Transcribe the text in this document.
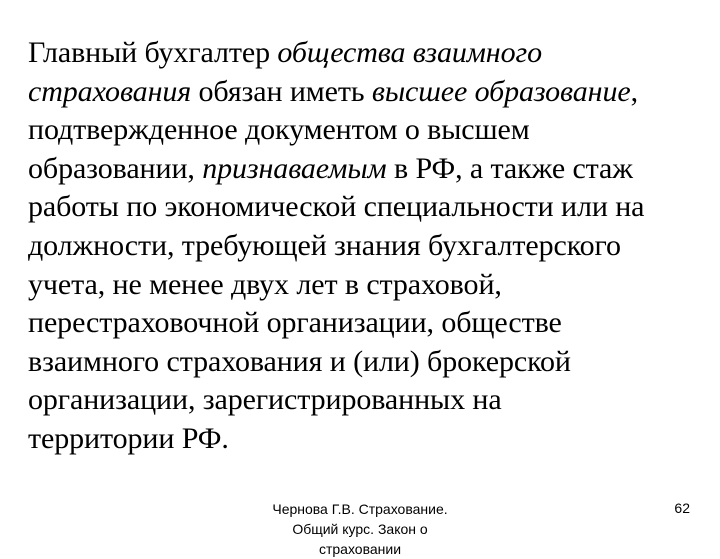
Главный бухгалтер общества взаимного
страхования обязан иметь высшее образование,
подтвержденное документом о высшем
образовании, признаваемым в РФ, а также стаж
работы по экономической специальности или на
должности, требующей знания бухгалтерского
учета, не менее двух лет в страховой,
перестраховочной организации, обществе
взаимного страхования и (или) брокерской
организации, зарегистрированных на
территории РФ.
Чернова Г.В. Страхование.
Общий курс. Закон о
страховании
62
